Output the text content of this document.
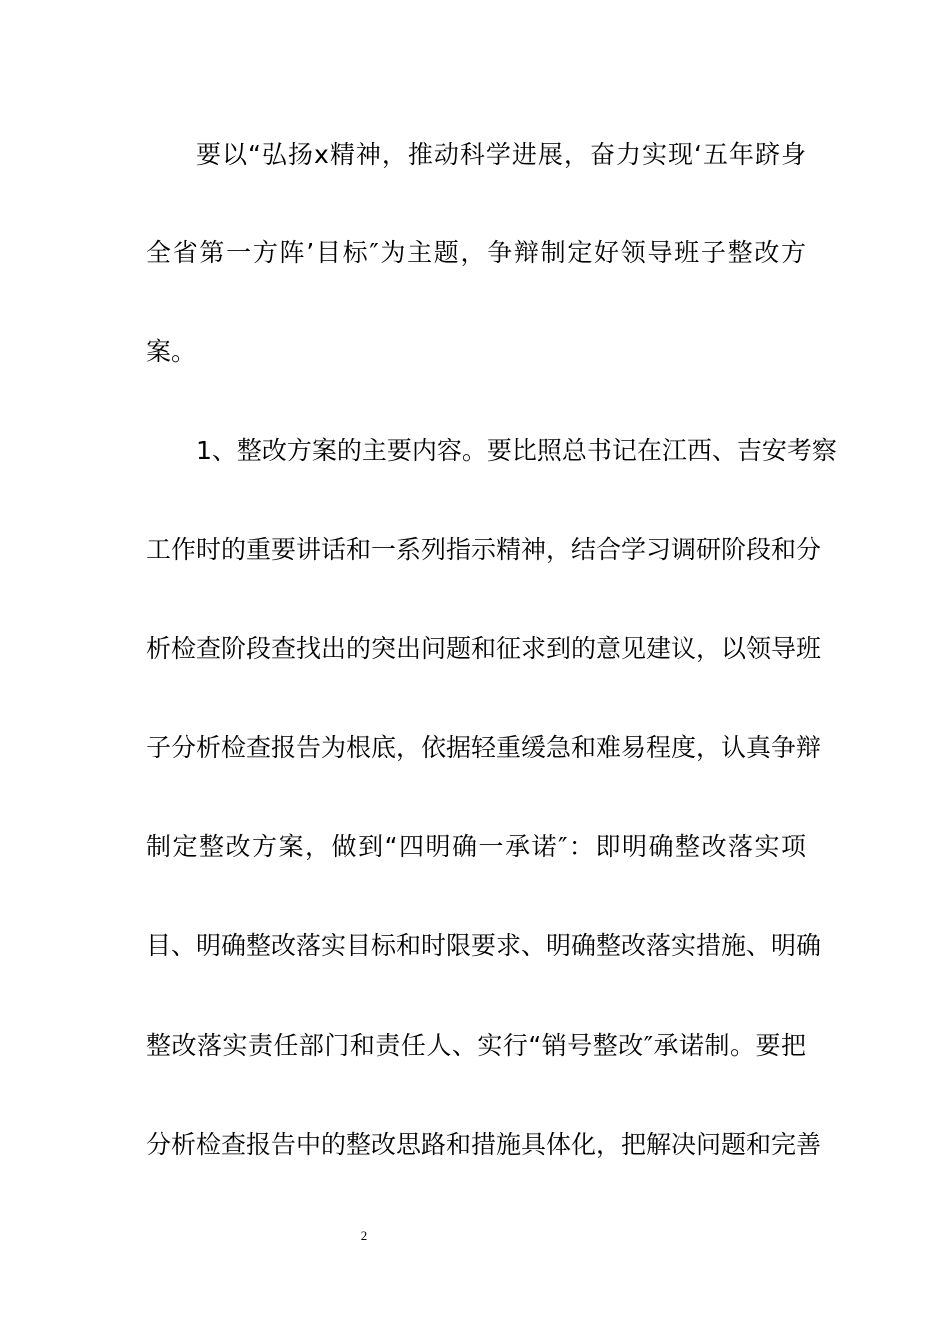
要以“弘扬x精神，推动科学进展，奋力实现‘五年跻身
全省第一方阵’目标″为主题，争辩制定好领导班子整改方
案。
1、整改方案的主要内容。要比照总书记在江西、吉安考察
工作时的重要讲话和一系列指示精神，结合学习调研阶段和分
析检查阶段查找出的突出问题和征求到的意见建议，以领导班
子分析检查报告为根底，依据轻重缓急和难易程度，认真争辩
制定整改方案，做到“四明确一承诺″：即明确整改落实项
目、明确整改落实目标和时限要求、明确整改落实措施、明确
整改落实责任部门和责任人、实行“销号整改″承诺制。要把
分析检查报告中的整改思路和措施具体化，把解决问题和完善
2
